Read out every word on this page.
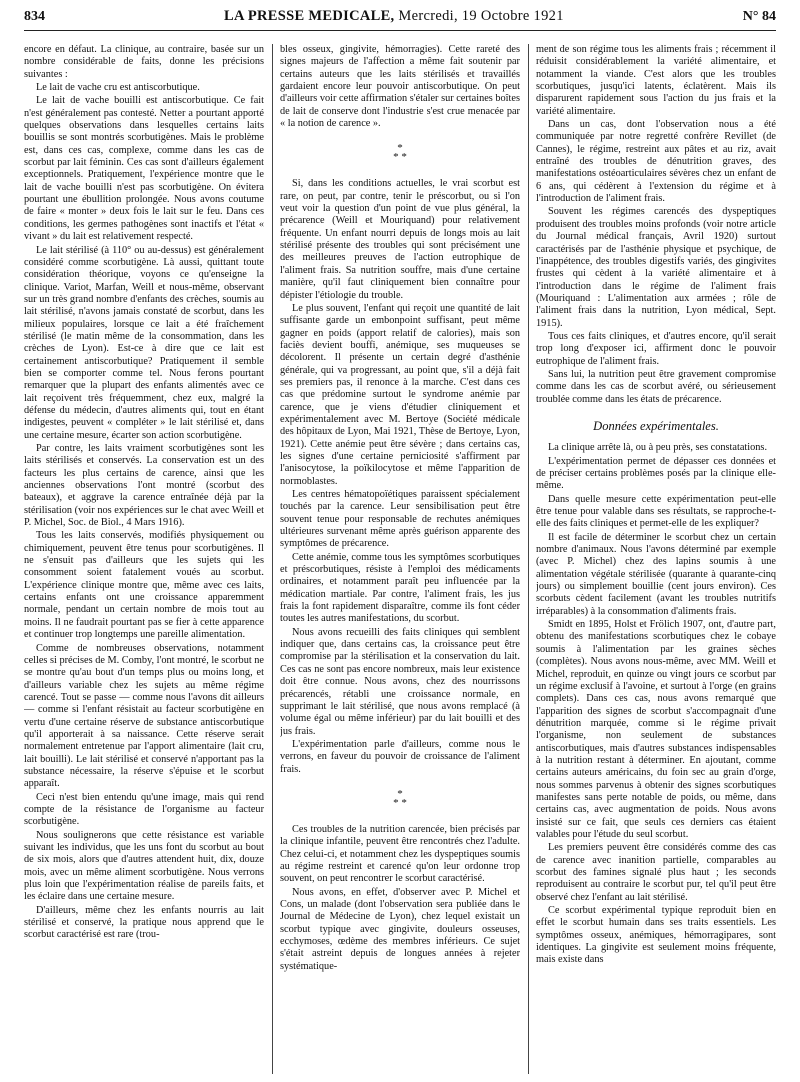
834	LA PRESSE MEDICALE, Mercredi, 19 Octobre 1921	N° 84

encore en défaut. La clinique, au contraire, basée sur un nombre considérable de faits, donne les précisions suivantes :

Le lait de vache cru est antiscorbutique.

Le lait de vache bouilli est antiscorbutique. Ce fait n'est généralement pas contesté. Netter a pourtant apporté quelques observations dans lesquelles certains laits bouillis se sont montrés scorbutigènes. Mais le problème est, dans ces cas, complexe, comme dans les cas de scorbut par lait féminin. Ces cas sont d'ailleurs également exceptionnels. Pratiquement, l'expérience montre que le lait de vache bouilli n'est pas scorbutigène. On évitera pourtant une ébullition prolongée. Nous avons coutume de faire « monter » deux fois le lait sur le feu. Dans ces conditions, les germes pathogènes sont inactifs et l'état « vivant » du lait est relativement respecté.

Le lait stérilisé (à 110° ou au-dessus) est généralement considéré comme scorbutigène. Là aussi, quittant toute considération théorique, voyons ce qu'enseigne la clinique. Variot, Marfan, Weill et nous-même, observant sur un très grand nombre d'enfants des crèches, soumis au lait stérilisé, n'avons jamais constaté de scorbut, dans les milieux populaires, lorsque ce lait a été fraîchement stérilisé (le matin même de la consommation, dans les crèches de Lyon). Est-ce à dire que ce lait est certainement antiscorbutique? Pratiquement il semble bien se comporter comme tel. Nous ferons pourtant remarquer que la plupart des enfants alimentés avec ce lait reçoivent très fréquemment, chez eux, malgré la défense du médecin, d'autres aliments qui, tout en étant indigestes, peuvent « compléter » le lait stérilisé et, dans une certaine mesure, écarter son action scorbutigène.

Par contre, les laits vraiment scorbutigènes sont les laits stérilisés et conservés. La conservation est un des facteurs les plus certains de carence, ainsi que les anciennes observations l'ont montré (scorbut des bateaux), et aggrave la carence entraînée déjà par la stérilisation (voir nos expériences sur le chat avec Weill et P. Michel, Soc. de Biol., 4 Mars 1916).

Tous les laits conservés, modifiés physiquement ou chimiquement, peuvent être tenus pour scorbutigènes. Il ne s'ensuit pas d'ailleurs que les sujets qui les consomment soient fatalement voués au scorbut. L'expérience clinique montre que, même avec ces laits, certains enfants ont une croissance apparemment normale, pendant un certain nombre de mois tout au moins. Il ne faudrait pourtant pas se fier à cette apparence et continuer trop longtemps une pareille alimentation.

Comme de nombreuses observations, notamment celles si précises de M. Comby, l'ont montré, le scorbut ne se montre qu'au bout d'un temps plus ou moins long, et d'ailleurs variable chez les sujets au même régime carencé. Tout se passe — comme nous l'avons dit ailleurs — comme si l'enfant résistait au facteur scorbutigène en vertu d'une certaine réserve de substance antiscorbutique qu'il apporterait à sa naissance. Cette réserve serait normalement entretenue par l'apport alimentaire (lait cru, lait bouilli). Le lait stérilisé et conservé n'apportant pas la substance nécessaire, la réserve s'épuise et le scorbut apparaît.

Ceci n'est bien entendu qu'une image, mais qui rend compte de la résistance de l'organisme au facteur scorbutigène.

Nous soulignerons que cette résistance est variable suivant les individus, que les uns font du scorbut au bout de six mois, alors que d'autres attendent huit, dix, douze mois, avec un même aliment scorbutigène. Nous verrons plus loin que l'expérimentation réalise de pareils faits, et les éclaire dans une certaine mesure.

D'ailleurs, même chez les enfants nourris au lait stérilisé et conservé, la pratique nous apprend que le scorbut caractérisé est rare (trou-

bles osseux, gingivite, hémorragies). Cette rareté des signes majeurs de l'affection a même fait soutenir par certains auteurs que les laits stérilisés et travaillés gardaient encore leur pouvoir antiscorbutique. On peut d'ailleurs voir cette affirmation s'étaler sur certaines boîtes de lait de conserve dont l'industrie s'est crue menacée par « la notion de carence ».

*
* *

Si, dans les conditions actuelles, le vrai scorbut est rare, on peut, par contre, tenir le préscorbut, ou si l'on veut voir la question d'un point de vue plus général, la précarence (Weill et Mouriquand) pour relativement fréquente. Un enfant nourri depuis de longs mois au lait stérilisé présente des troubles qui sont précisément une des meilleures preuves de l'action eutrophique de l'aliment frais. Sa nutrition souffre, mais d'une certaine manière, qu'il faut cliniquement bien connaître pour dépister l'étiologie du trouble.

Le plus souvent, l'enfant qui reçoit une quantité de lait suffisante garde un embonpoint suffisant, peut même gagner en poids (apport relatif de calories), mais son faciès devient bouffi, anémique, ses muqueuses se décolorent. Il présente un certain degré d'asthénie générale, qui va progressant, au point que, s'il a déjà fait ses premiers pas, il renonce à la marche. C'est dans ces cas que prédomine surtout le syndrome anémie par carence, que je viens d'étudier cliniquement et expérimentalement avec M. Bertoye (Société médicale des hôpitaux de Lyon, Mai 1921, Thèse de Bertoye, Lyon, 1921). Cette anémie peut être sévère ; dans certains cas, les signes d'une certaine perniciosité s'affirment par l'anisocytose, la poïkilocytose et même l'apparition de normoblastes.

Les centres hématopoïétiques paraissent spécialement touchés par la carence. Leur sensibilisation peut être souvent tenue pour responsable de rechutes anémiques ultérieures survenant même après guérison apparente des symptômes de précarence.

Cette anémie, comme tous les symptômes scorbutiques et préscorbutiques, résiste à l'emploi des médicaments ordinaires, et notamment paraît peu influencée par la médication martiale. Par contre, l'aliment frais, les jus frais la font rapidement disparaître, comme ils font céder toutes les autres manifestations, du scorbut.

Nous avons recueilli des faits cliniques qui semblent indiquer que, dans certains cas, la croissance peut être compromise par la stérilisation et la conservation du lait. Ces cas ne sont pas encore nombreux, mais leur existence doit être connue. Nous avons, chez des nourrissons précarencés, rétabli une croissance normale, en supprimant le lait stérilisé, que nous avons remplacé (à volume égal ou même inférieur) par du lait bouilli et des jus frais.

L'expérimentation parle d'ailleurs, comme nous le verrons, en faveur du pouvoir de croissance de l'aliment frais.

*
* *

Ces troubles de la nutrition carencée, bien précisés par la clinique infantile, peuvent être rencontrés chez l'adulte. Chez celui-ci, et notamment chez les dyspeptiques soumis au régime restreint et carencé qu'on leur ordonne trop souvent, on peut rencontrer le scorbut caractérisé.

Nous avons, en effet, d'observer avec P. Michel et Cons, un malade (dont l'observation sera publiée dans le Journal de Médecine de Lyon), chez lequel existait un scorbut typique avec gingivite, douleurs osseuses, ecchymoses, œdème des membres inférieurs. Ce sujet s'était astreint depuis de longues années à rejeter systématique-

ment de son régime tous les aliments frais ; récemment il réduisit considérablement la variété alimentaire, et notamment la viande. C'est alors que les troubles scorbutiques, jusqu'ici latents, éclatèrent. Mais ils disparurent rapidement sous l'action du jus frais et la variété alimentaire.

Dans un cas, dont l'observation nous a été communiquée par notre regretté confrère Revillet (de Cannes), le régime, restreint aux pâtes et au riz, avait entraîné des troubles de dénutrition graves, des manifestations ostéoarticulaires sévères chez un enfant de 6 ans, qui cédèrent à l'extension du régime et à l'introduction de l'aliment frais.

Souvent les régimes carencés des dyspeptiques produisent des troubles moins profonds (voir notre article du Journal médical français, Avril 1920) surtout caractérisés par de l'asthénie physique et psychique, de l'inappétence, des troubles digestifs variés, des gingivites frustes qui cèdent à la variété alimentaire et à l'introduction dans le régime de l'aliment frais (Mouriquand : L'alimentation aux armées ; rôle de l'aliment frais dans la nutrition, Lyon médical, Sept. 1915).

Tous ces faits cliniques, et d'autres encore, qu'il serait trop long d'exposer ici, affirment donc le pouvoir eutrophique de l'aliment frais.

Sans lui, la nutrition peut être gravement compromise comme dans les cas de scorbut avéré, ou sérieusement troublée comme dans les états de précarence.

Données expérimentales.

La clinique arrête là, ou à peu près, ses constatations.

L'expérimentation permet de dépasser ces données et de préciser certains problèmes posés par la clinique elle-même.

Dans quelle mesure cette expérimentation peut-elle être tenue pour valable dans ses résultats, se rapproche-t-elle des faits cliniques et permet-elle de les expliquer?

Il est facile de déterminer le scorbut chez un certain nombre d'animaux. Nous l'avons déterminé par exemple (avec P. Michel) chez des lapins soumis à une alimentation végétale stérilisée (quarante à quarante-cinq jours) ou simplement bouillie (cent jours environ). Ces scorbuts cèdent facilement (avant les troubles nutritifs irréparables) à la consommation d'aliments frais.

Smidt en 1895, Holst et Frölich 1907, ont, d'autre part, obtenu des manifestations scorbutiques chez le cobaye soumis à l'alimentation par les graines sèches (complètes). Nous avons nous-même, avec MM. Weill et Michel, reproduit, en quinze ou vingt jours ce scorbut par un régime exclusif à l'avoine, et surtout à l'orge (en grains complets). Dans ces cas, nous avons remarqué que l'apparition des signes de scorbut s'accompagnait d'une dénutrition marquée, comme si le régime privait l'organisme, non seulement de substances antiscorbutiques, mais d'autres substances indispensables à la nutrition restant à déterminer. En ajoutant, comme certains auteurs américains, du foin sec au grain d'orge, nous sommes parvenus à obtenir des signes scorbutiques manifestes sans perte notable de poids, ou même, dans certains cas, avec augmentation de poids. Nous avons insisté sur ce fait, que seuls ces derniers cas étaient valables pour l'étude du seul scorbut.

Les premiers peuvent être considérés comme des cas de carence avec inanition partielle, comparables au scorbut des famines signalé plus haut ; les seconds reproduisent au contraire le scorbut pur, tel qu'il peut être observé chez l'enfant au lait stérilisé.

Ce scorbut expérimental typique reproduit bien en effet le scorbut humain dans ses traits essentiels. Les symptômes osseux, anémiques, hémorragipares, sont identiques. La gingivite est seulement moins fréquente, mais existe dans
